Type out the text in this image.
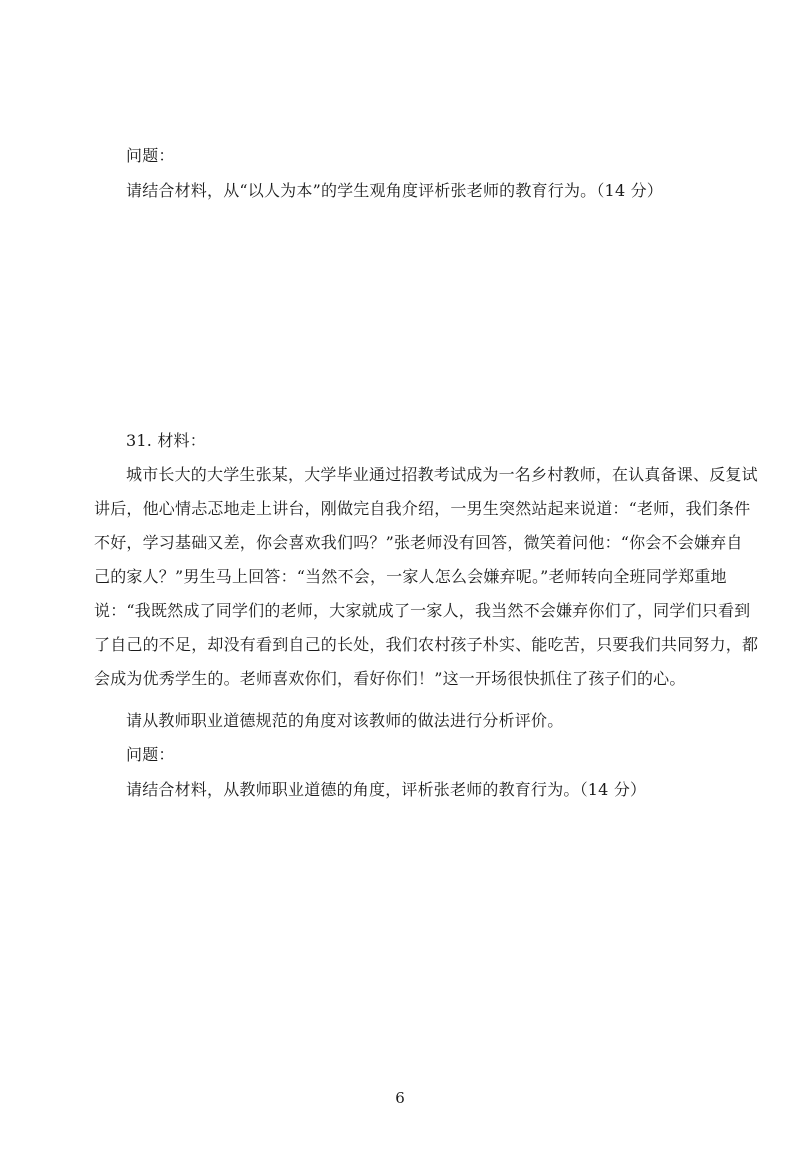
问题：
请结合材料，从“以人为本”的学生观角度评析张老师的教育行为。（14 分）
31. 材料：
城市长大的大学生张某，大学毕业通过招教考试成为一名乡村教师，在认真备课、反复试
讲后，他心情忐忑地走上讲台，刚做完自我介绍，一男生突然站起来说道：“老师，我们条件
不好，学习基础又差，你会喜欢我们吗？”张老师没有回答，微笑着问他：“你会不会嫌弃自
己的家人？”男生马上回答：“当然不会，一家人怎么会嫌弃呢。”老师转向全班同学郑重地
说：“我既然成了同学们的老师，大家就成了一家人，我当然不会嫌弃你们了，同学们只看到
了自己的不足，却没有看到自己的长处，我们农村孩子朴实、能吃苦，只要我们共同努力，都
会成为优秀学生的。老师喜欢你们，看好你们！”这一开场很快抓住了孩子们的心。
请从教师职业道德规范的角度对该教师的做法进行分析评价。
问题：
请结合材料，从教师职业道德的角度，评析张老师的教育行为。（14 分）
6
